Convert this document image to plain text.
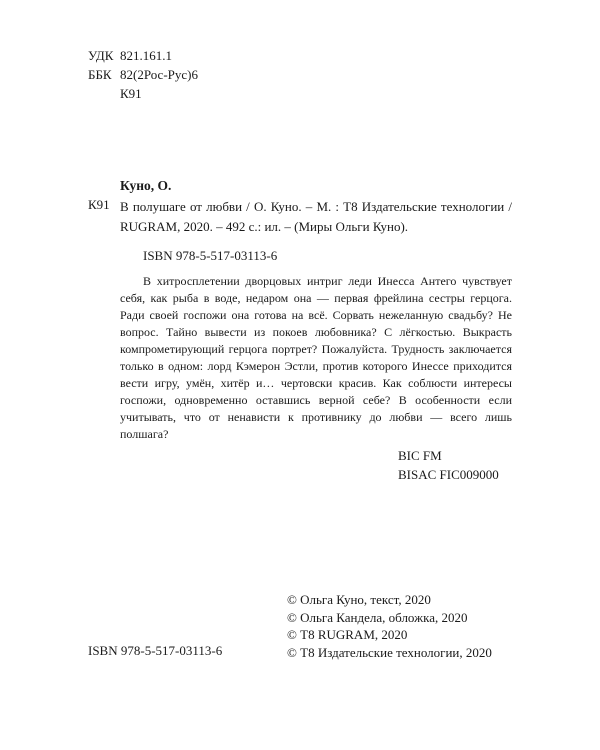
УДК 821.161.1
ББК 82(2Рос-Рус)6
К91
Куно, О.
К91 В полушаге от любви / О. Куно. – М. : Т8 Издательские технологии / RUGRAM, 2020. – 492 с.: ил. – (Миры Ольги Куно).

ISBN 978-5-517-03113-6

В хитросплетении дворцовых интриг леди Инесса Антего чувствует себя, как рыба в воде, недаром она — первая фрейлина сестры герцога. Ради своей госпожи она готова на всё. Сорвать нежеланную свадьбу? Не вопрос. Тайно вывести из покоев любовника? С лёгкостью. Выкрасть компрометирующий герцога портрет? Пожалуйста. Трудность заключается только в одном: лорд Кэмерон Эстли, против которого Инессе приходится вести игру, умён, хитёр и… чертовски красив. Как соблюсти интересы госпожи, одновременно оставшись верной себе? В особенности если учитывать, что от ненависти к противнику до любви — всего лишь полшага?

BIC FM
BISAC FIC009000
© Ольга Куно, текст, 2020
© Ольга Кандела, обложка, 2020
© Т8 RUGRAM, 2020
© Т8 Издательские технологии, 2020
ISBN 978-5-517-03113-6
